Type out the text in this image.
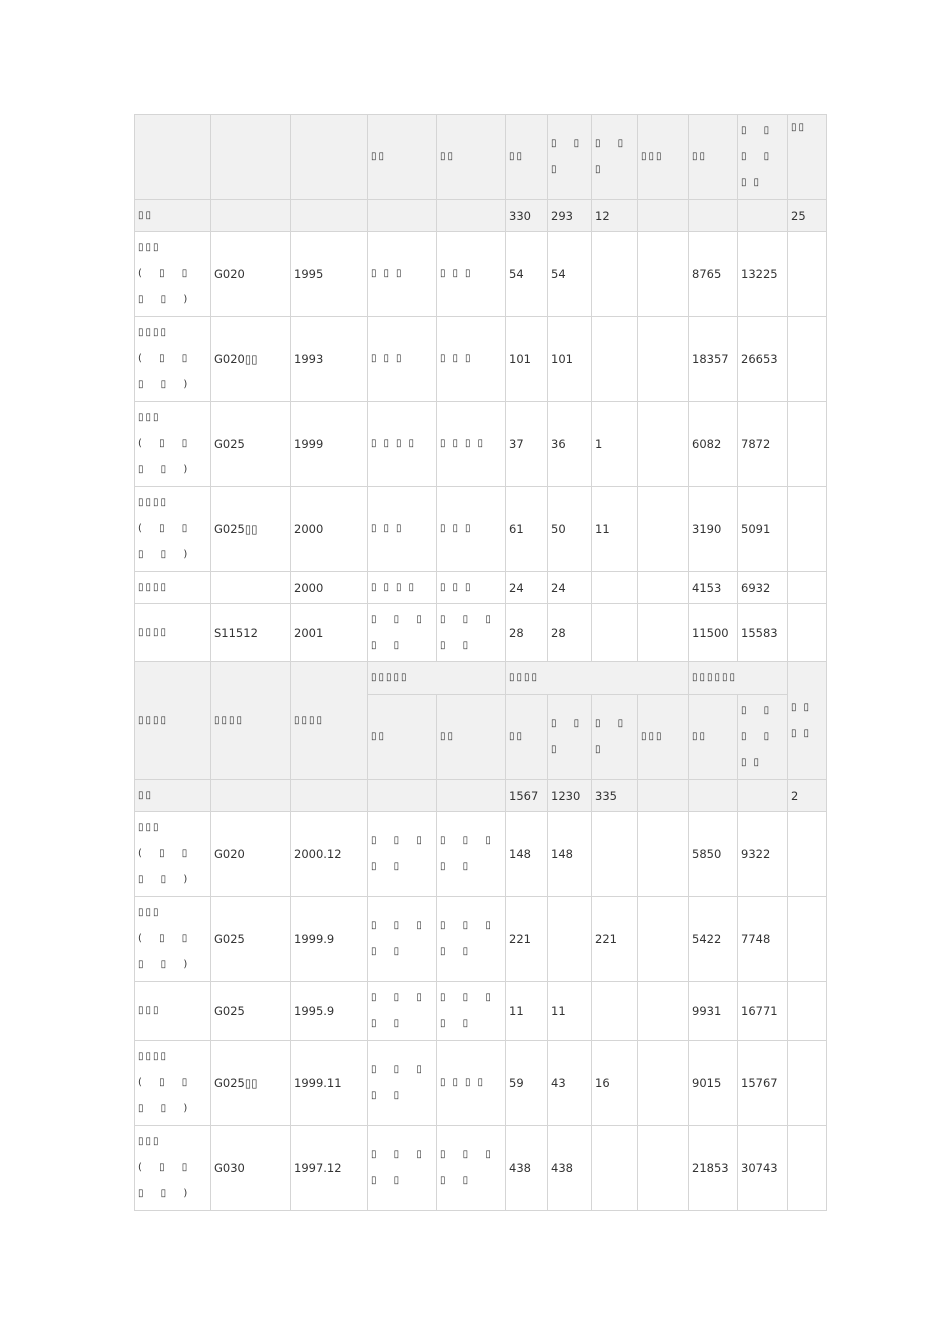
			▯▯	▯▯	▯▯	▯ ▯ ▯	▯ ▯ ▯	▯▯▯	▯▯	▯ ▯ ▯ ▯ ▯▯	▯▯
▯▯					330	293	12				25

▯▯▯
( ▯ ▯ ▯ ▯ )	G020	1995	▯▯▯	▯▯▯	54	54			8765	13225	

▯▯▯▯
( ▯ ▯ ▯ ▯ )	G020▯▯	1993	▯▯▯	▯▯▯	101	101			18357	26653	

▯▯▯
( ▯ ▯ ▯ ▯ )	G025	1999	▯▯▯▯	▯▯▯▯	37	36	1		6082	7872	

▯▯▯▯
( ▯ ▯ ▯ ▯ )	G025▯▯	2000	▯▯▯	▯▯▯	61	50	11		3190	5091	

▯▯▯▯		2000	▯▯▯▯	▯▯▯	24	24			4153	6932	

▯▯▯▯	S11512	2001	▯ ▯ ▯ ▯ ▯	▯ ▯ ▯ ▯ ▯	28	28			11500	15583	
▯▯▯▯	▯▯▯▯	▯▯▯▯	▯▯▯▯▯		▯▯▯▯				▯▯▯▯▯▯		▯▯ ▯▯
			▯▯	▯▯	▯▯	▯ ▯ ▯	▯ ▯ ▯	▯▯▯	▯▯	▯ ▯ ▯ ▯ ▯▯	
▯▯					1567	1230	335				2

▯▯▯
( ▯ ▯ ▯ ▯ )	G020	2000.12	▯ ▯ ▯ ▯ ▯	▯ ▯ ▯ ▯ ▯	148	148			5850	9322	

▯▯▯
( ▯ ▯ ▯ ▯ )	G025	1999.9	▯ ▯ ▯ ▯ ▯	▯ ▯ ▯ ▯ ▯	221		221		5422	7748	

▯▯▯	G025	1995.9	▯ ▯ ▯ ▯ ▯	▯ ▯ ▯ ▯ ▯	11	11			9931	16771	

▯▯▯▯
( ▯ ▯ ▯ ▯ )	G025▯▯	1999.11	▯ ▯ ▯ ▯ ▯	▯▯▯▯	59	43	16		9015	15767	

▯▯▯
( ▯ ▯ ▯ ▯ )	G030	1997.12	▯ ▯ ▯ ▯ ▯	▯ ▯ ▯ ▯ ▯	438	438			21853	30743	
